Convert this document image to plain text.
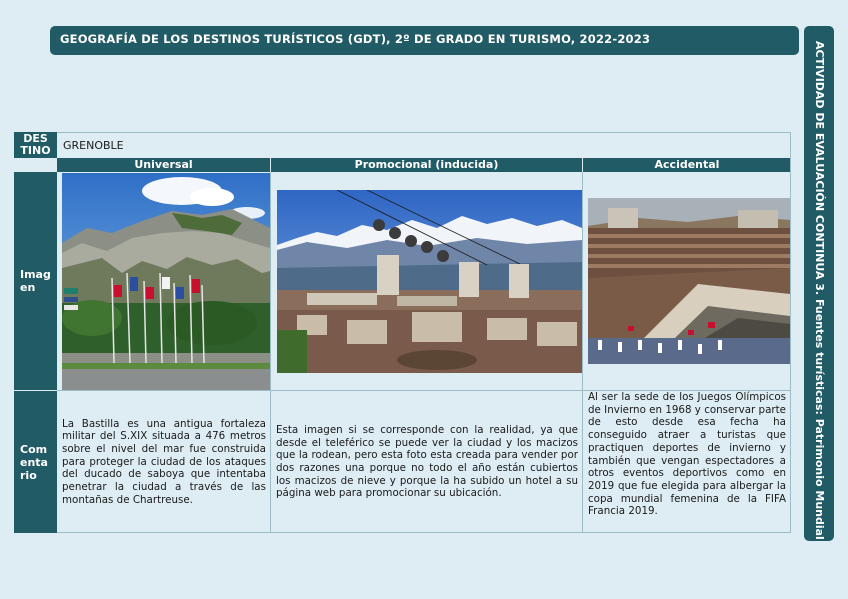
GEOGRAFÍA DE LOS DESTINOS TURÍSTICOS (GDT), 2º DE GRADO EN TURISMO, 2022-2023
ACTIVIDAD DE EVALUACIÓN CONTINUA 3. Fuentes turísticas: Patrimonio Mundial
DES
TINO GRENOBLE
Universal	Promocional (inducida)	Accidental
Imag
en
Com
enta
rio
La Bastilla es una antigua fortaleza militar del S.XIX situada a 476 metros sobre el nivel del mar fue construida para proteger la ciudad de los ataques del ducado de saboya que intentaba penetrar la ciudad a través de las montañas de Chartreuse.
Esta imagen si se corresponde con la realidad, ya que desde el teleférico se puede ver la ciudad y los macizos que la rodean, pero esta foto esta creada para vender por dos razones una porque no todo el año están cubiertos los macizos de nieve y porque la ha subido un hotel a su página web para promocionar su ubicación.
Al ser la sede de los Juegos Olímpicos de Invierno en 1968 y conservar parte de esto desde esa fecha ha conseguido atraer a turistas que practiquen deportes de invierno y también que vengan espectadores a otros eventos deportivos como en 2019 que fue elegida para albergar la copa mundial femenina de la FIFA Francia 2019.
